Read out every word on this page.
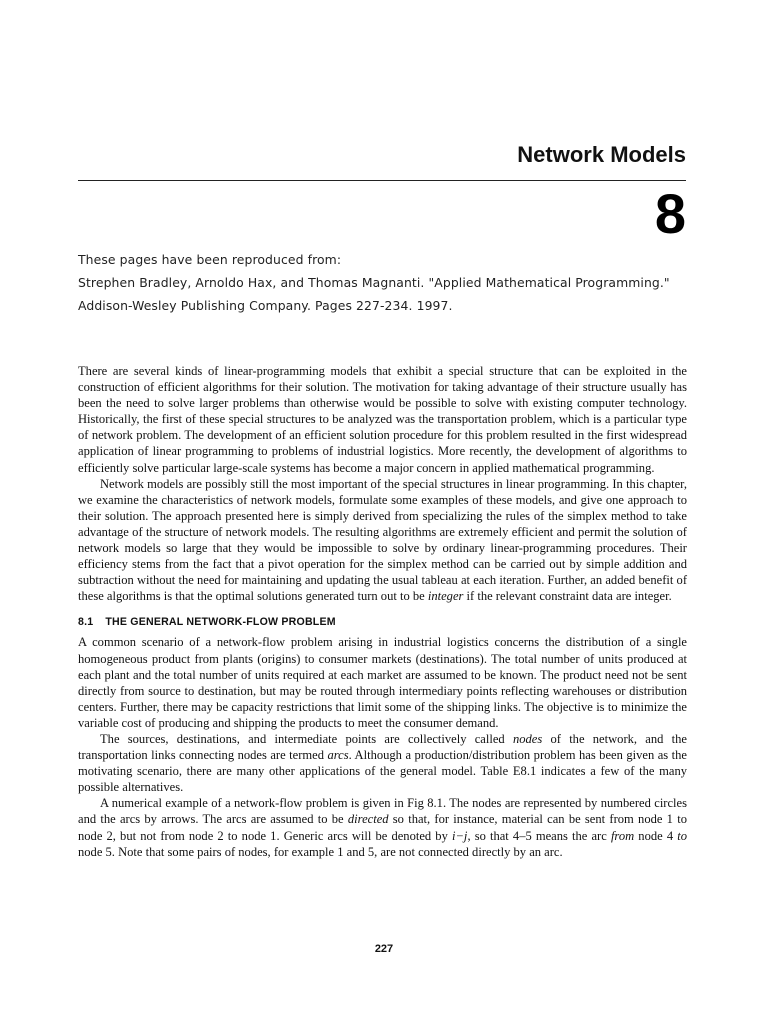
Network Models
8
These pages have been reproduced from:
Strephen Bradley, Arnoldo Hax, and Thomas Magnanti. "Applied Mathematical Programming."
Addison-Wesley Publishing Company. Pages 227-234. 1997.

There are several kinds of linear-programming models that exhibit a special structure that can be exploited in the construction of efficient algorithms for their solution. The motivation for taking advantage of their structure usually has been the need to solve larger problems than otherwise would be possible to solve with existing computer technology. Historically, the first of these special structures to be analyzed was the transportation problem, which is a particular type of network problem. The development of an efficient solution procedure for this problem resulted in the first widespread application of linear programming to problems of industrial logistics. More recently, the development of algorithms to efficiently solve particular large-scale systems has become a major concern in applied mathematical programming.

Network models are possibly still the most important of the special structures in linear programming. In this chapter, we examine the characteristics of network models, formulate some examples of these models, and give one approach to their solution. The approach presented here is simply derived from specializing the rules of the simplex method to take advantage of the structure of network models. The resulting algorithms are extremely efficient and permit the solution of network models so large that they would be impossible to solve by ordinary linear-programming procedures. Their efficiency stems from the fact that a pivot operation for the simplex method can be carried out by simple addition and subtraction without the need for maintaining and updating the usual tableau at each iteration. Further, an added benefit of these algorithms is that the optimal solutions generated turn out to be integer if the relevant constraint data are integer.

8.1 THE GENERAL NETWORK-FLOW PROBLEM

A common scenario of a network-flow problem arising in industrial logistics concerns the distribution of a single homogeneous product from plants (origins) to consumer markets (destinations). The total number of units produced at each plant and the total number of units required at each market are assumed to be known. The product need not be sent directly from source to destination, but may be routed through intermediary points reflecting warehouses or distribution centers. Further, there may be capacity restrictions that limit some of the shipping links. The objective is to minimize the variable cost of producing and shipping the products to meet the consumer demand.

The sources, destinations, and intermediate points are collectively called nodes of the network, and the transportation links connecting nodes are termed arcs. Although a production/distribution problem has been given as the motivating scenario, there are many other applications of the general model. Table E8.1 indicates a few of the many possible alternatives.

A numerical example of a network-flow problem is given in Fig 8.1. The nodes are represented by numbered circles and the arcs by arrows. The arcs are assumed to be directed so that, for instance, material can be sent from node 1 to node 2, but not from node 2 to node 1. Generic arcs will be denoted by i−j, so that 4–5 means the arc from node 4 to node 5. Note that some pairs of nodes, for example 1 and 5, are not connected directly by an arc.

227
